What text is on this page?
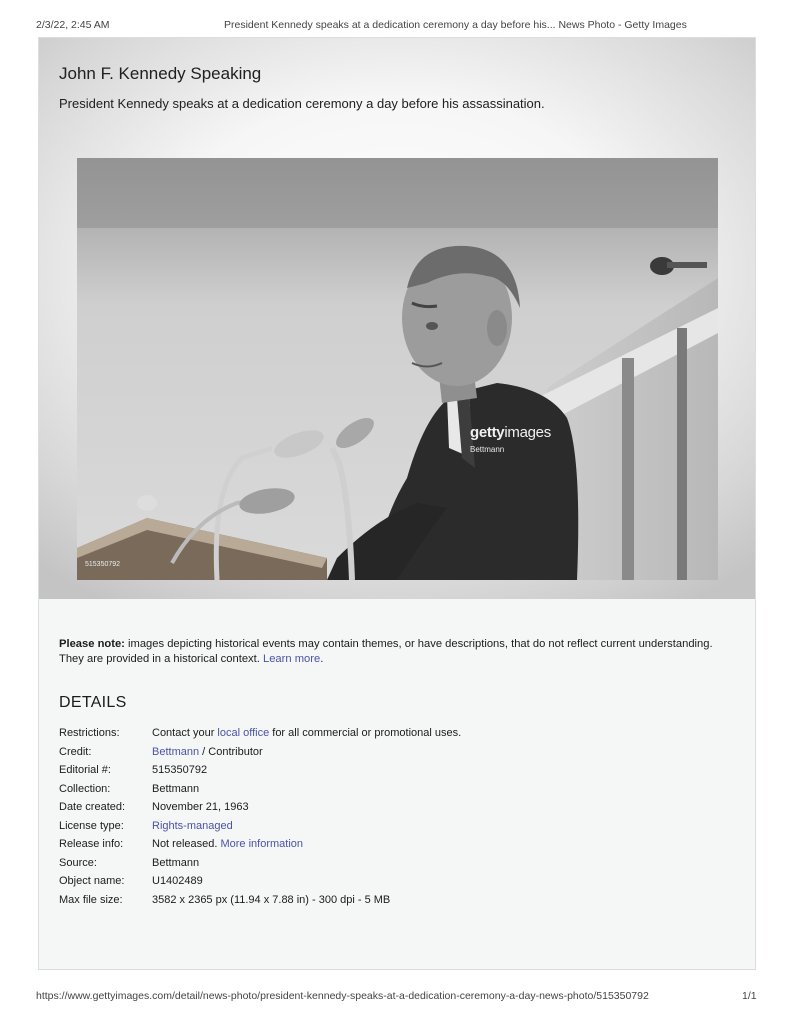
2/3/22, 2:45 AM	President Kennedy speaks at a dedication ceremony a day before his... News Photo - Getty Images
John F. Kennedy Speaking
President Kennedy speaks at a dedication ceremony a day before his assassination.
gettyimages
Bettmann
515350792
Please note: images depicting historical events may contain themes, or have descriptions, that do not reflect current understanding. They are provided in a historical context. Learn more.
DETAILS
Restrictions:	Contact your local office for all commercial or promotional uses.
Credit:	Bettmann / Contributor
Editorial #:	515350792
Collection:	Bettmann
Date created: November 21, 1963
License type:	Rights-managed
Release info:	Not released. More information
Source:	Bettmann
Object name:	U1402489
Max file size:	3582 x 2365 px (11.94 x 7.88 in) - 300 dpi - 5 MB
https://www.gettyimages.com/detail/news-photo/president-kennedy-speaks-at-a-dedication-ceremony-a-day-news-photo/515350792	1/1
